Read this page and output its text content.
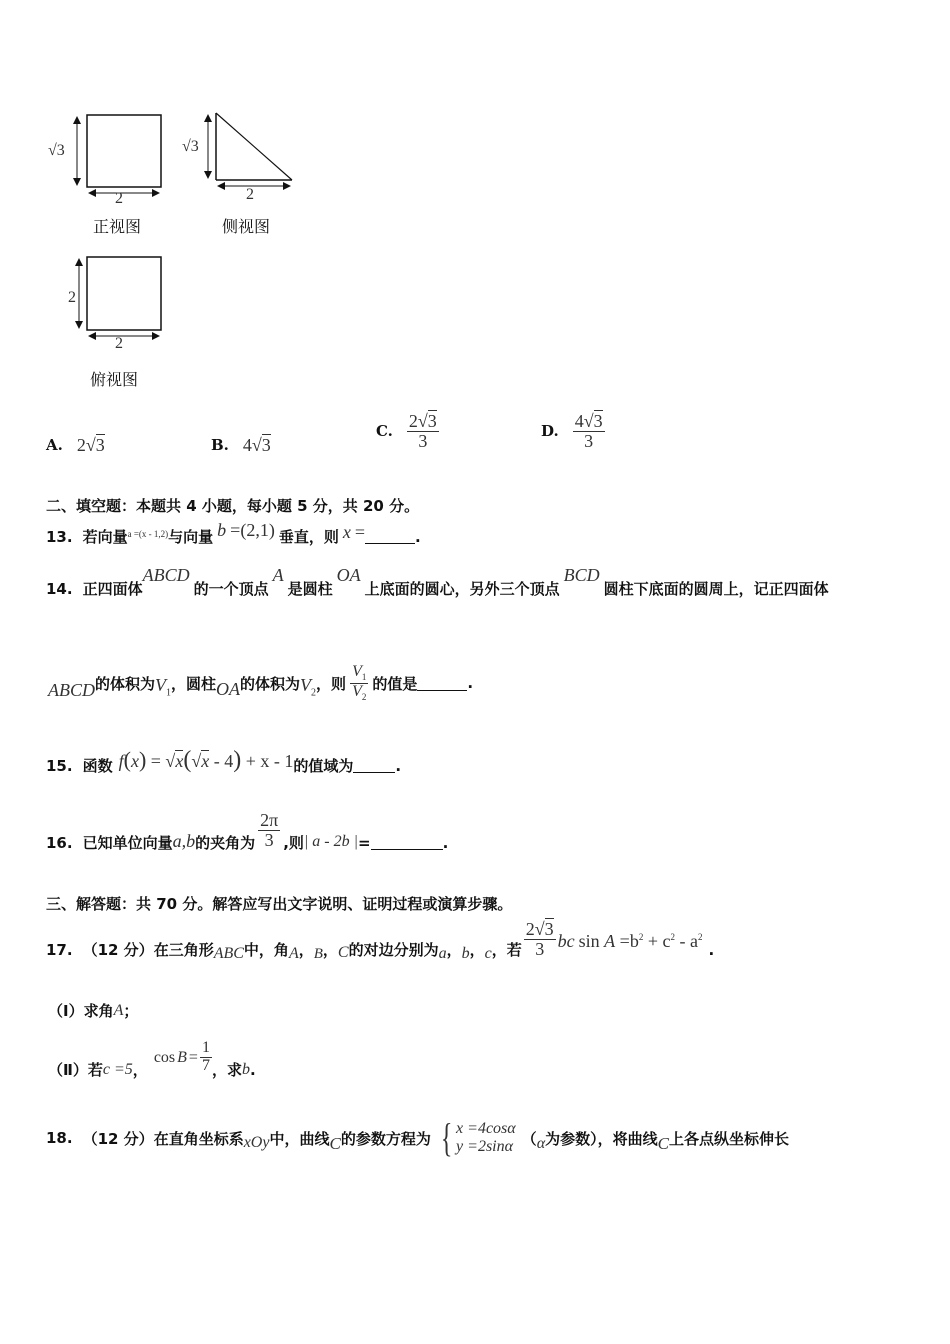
√3
2
正视图
√3
2
侧视图
2
2
俯视图
A. 2 √ 3	B. 4 √ 3
C. $\frac{2√3}{3}$	D. $\frac{4√3}{3}$
二、填空题：本题共 4 小题，每小题 5 分，共 20 分。
13. 若向量 a =(x - 1,2) 与向量 b =(2,1) 垂直，则 x =	.
14. 正四面体
ABCD
的一个顶点
A
是圆柱
OA
上底面的圆心，另外三个顶点
BCD
圆柱下底面的圆周上，记正四面体
ABCD 的体积为 $V_1$
，圆柱 OA 的体积为 $V_2$
，则 $\frac{V_1}{V_2}$ 的值是	.
15. 函数 f(x) = √x(√x - 4) + x - 1 的值域为	.
16. 已知单位向量 a,b 的夹角为 $\frac{2\pi}{3}$ ,则 | a - 2b | =	.
三、解答题：共 70 分。解答应写出文字说明、证明过程或演算步骤。
17. （12 分） 在三角形 ABC 中，角 A ， B ， C 的对边分别为 a ， b ， c ，若 $\frac{2√3}{3}$ bc $\sin A =b^2 + c^2 - a^2$
.
（Ⅰ）求角 A ；
（Ⅱ）若 c =5 ，
$\cos B = \frac{1}{7}$ ，求 b .
18. （12 分） 在直角坐标系 xOy 中，曲线 C 的参数方程为 { x =4cosα
y =2sinα （ α 为参数），将曲线 C 上各点纵坐标伸长
